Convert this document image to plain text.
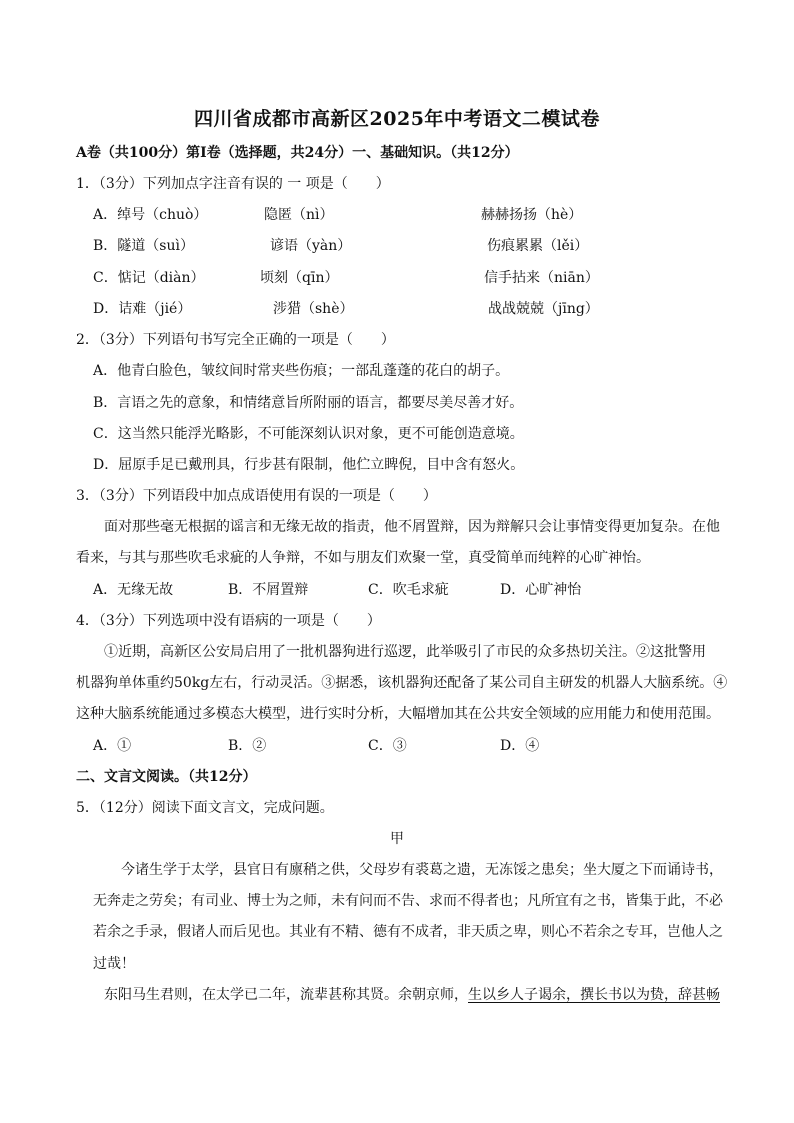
四川省成都市高新区2025年中考语文二模试卷
A卷（共100分）第Ⅰ卷（选择题，共24分）一、基础知识。（共12分）
1．（3分）下列加点字注音有误的 一 项是（　　）
A．绰号（chuò）	隐匿（nì）	赫赫扬扬（hè）
B．隧道（suì）	谚语（yàn）	伤痕累累（lěi）
C．惦记（diàn）	顷刻（qīn）	信手拈来（niān）
D．诘难（jié）	涉猎（shè）	战战兢兢（jīng）
2．（3分）下列语句书写完全正确的一项是（　　）
A．他青白脸色，皱纹间时常夹些伤痕；一部乱蓬蓬的花白的胡子。
B．言语之先的意象，和情绪意旨所附丽的语言，都要尽美尽善才好。
C．这当然只能浮光略影，不可能深刻认识对象，更不可能创造意境。
D．屈原手足已戴刑具，行步甚有限制，他伫立睥倪，目中含有怒火。
3．（3分）下列语段中加点成语使用有误的一项是（　　）
面对那些毫无根据的谣言和无缘无故的指责，他不屑置辩，因为辩解只会让事情变得更加复杂。在他
看来，与其与那些吹毛求疵的人争辩，不如与朋友们欢聚一堂，真受简单而纯粹的心旷神怡。
A．无缘无故	B．不屑置辩	C．吹毛求疵	D．心旷神怡
4．（3分）下列选项中没有语病的一项是（　　）
①近期，高新区公安局启用了一批机器狗进行巡逻，此举吸引了市民的众多热切关注。②这批警用
机器狗单体重约50kg左右，行动灵活。③据悉，该机器狗还配备了某公司自主研发的机器人大脑系统。④
这种大脑系统能通过多模态大模型，进行实时分析，大幅增加其在公共安全领域的应用能力和使用范围。
A．①	B．②	C．③	D．④
二、文言文阅读。（共12分）
5．（12分）阅读下面文言文，完成问题。
甲
今诸生学于太学，县官日有廪稍之供，父母岁有裘葛之遗，无冻馁之患矣；坐大厦之下而诵诗书，
无奔走之劳矣；有司业、博士为之师，未有问而不告、求而不得者也；凡所宜有之书，皆集于此，不必
若余之手录，假诸人而后见也。其业有不精、德有不成者，非天质之卑，则心不若余之专耳，岂他人之
过哉！
东阳马生君则，在太学已二年，流辈甚称其贤。余朝京师，生以乡人子谒余，撰长书以为贽，辞甚畅
